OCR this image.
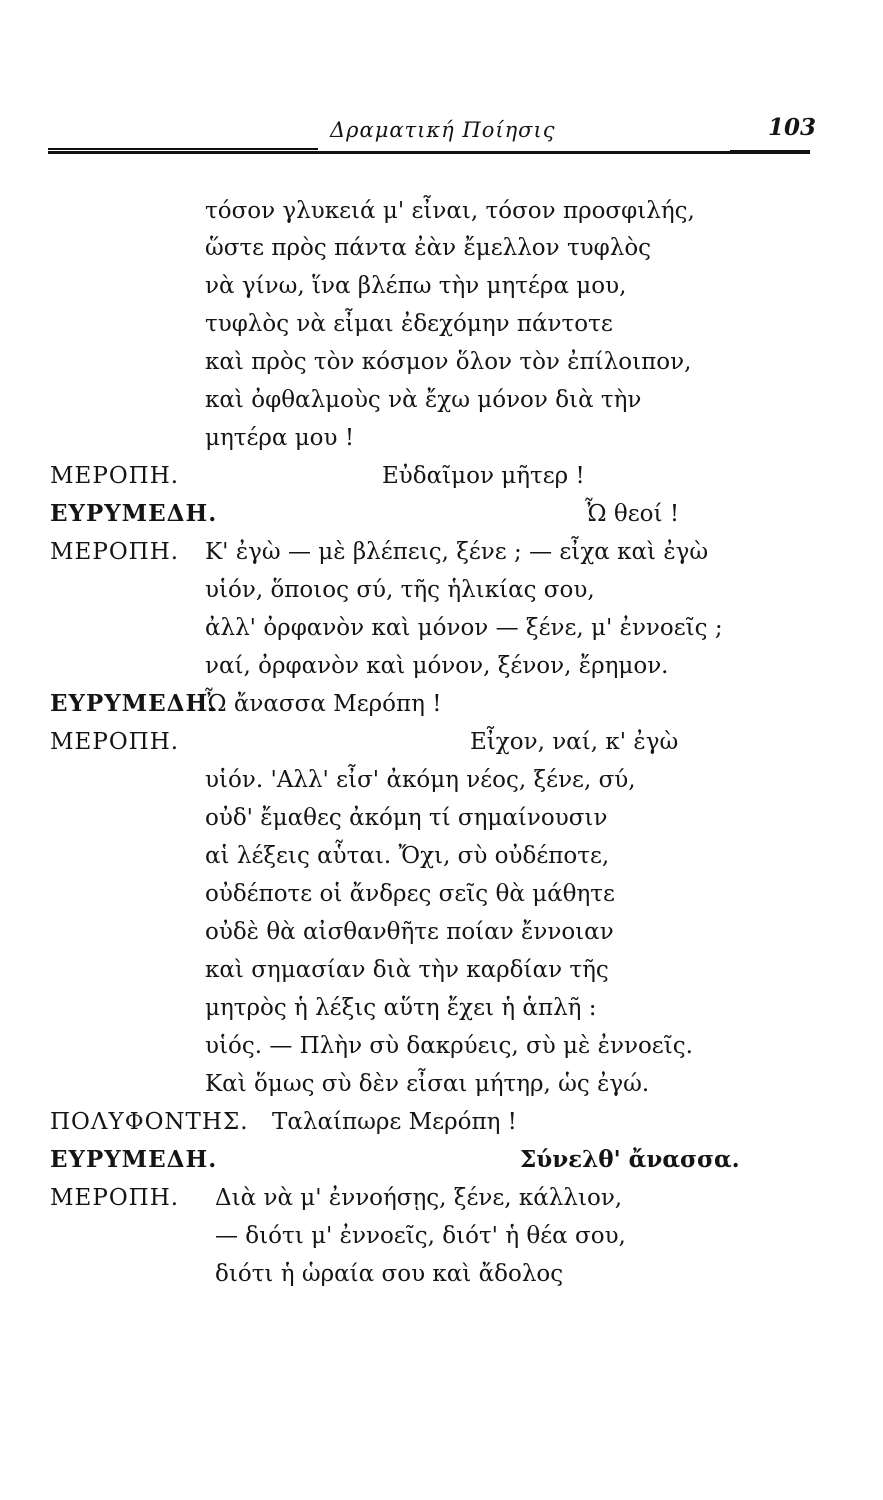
Δραματική Ποίησις	103
τόσον γλυκειά μ' εἶναι, τόσον προσφιλής,
ὥστε πρὸς πάντα ἐὰν ἔμελλον τυφλὸς
νὰ γίνω, ἵνα βλέπω τὴν μητέρα μου,
τυφλὸς νὰ εἶμαι ἐδεχόμην πάντοτε
καὶ πρὸς τὸν κόσμον ὅλον τὸν ἐπίλοιπον,
καὶ ὀφθαλμοὺς νὰ ἔχω μόνον διὰ τὴν
μητέρα μου !
ΜΕΡΟΠΗ.	Εὐδαῖμον μῆτερ !
ΕΥΡΥΜΕΔΗ.	Ὦ θεοί !
ΜΕΡΟΠΗ. Κ' ἐγὼ — μὲ βλέπεις, ξένε ; — εἶχα καὶ ἐγὼ
υἱόν, ὅποιος σύ, τῆς ἡλικίας σου,
ἀλλ' ὀρφανὸν καὶ μόνον — ξένε, μ' ἐννοεῖς ;
ναί, ὀρφανὸν καὶ μόνον, ξένον, ἔρημον.
ΕΥΡΥΜΕΔΗ.
Ὦ ἄνασσα Μερόπη !
ΜΕΡΟΠΗ.	Εἶχον, ναί, κ' ἐγὼ
υἱόν. 'Αλλ' εἶσ' ἀκόμη νέος, ξένε, σύ,
οὐδ' ἔμαθες ἀκόμη τί σημαίνουσιν
αἱ λέξεις αὗται. Ὄχι, σὺ οὐδέποτε,
οὐδέποτε οἱ ἄνδρες σεῖς θὰ μάθητε
οὐδὲ θὰ αἰσθανθῆτε ποίαν ἔννοιαν
καὶ σημασίαν διὰ τὴν καρδίαν τῆς
μητρὸς ἡ λέξις αὕτη ἔχει ἡ ἁπλῆ :
υἱός. — Πλὴν σὺ δακρύεις, σὺ μὲ ἐννοεῖς.
Καὶ ὅμως σὺ δὲν εἶσαι μήτηρ, ὡς ἐγώ.
ΠΟΛΥΦΟΝΤΗΣ. Ταλαίπωρε Μερόπη !
ΕΥΡΥΜΕΔΗ.	Σύνελθ' ἄνασσα.
ΜΕΡΟΠΗ. Διὰ νὰ μ' ἐννοήσῃς, ξένε, κάλλιον,
— διότι μ' ἐννοεῖς, διότ' ἡ θέα σου,
διότι ἡ ὡραία σου καὶ ἄδολος
